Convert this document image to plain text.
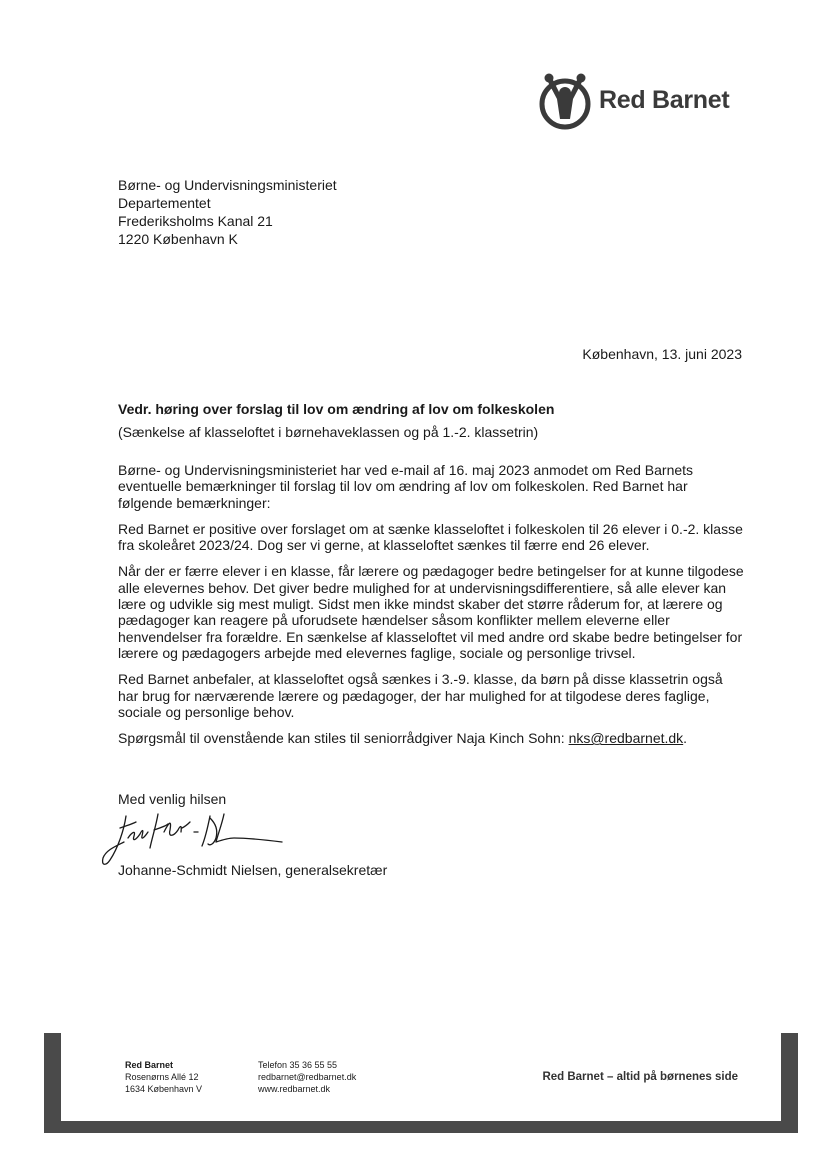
Red Barnet
Børne- og Undervisningsministeriet
Departementet
Frederiksholms Kanal 21
1220 København K
København, 13. juni 2023
Vedr. høring over forslag til lov om ændring af lov om folkeskolen
(Sænkelse af klasseloftet i børnehaveklassen og på 1.-2. klassetrin)

Børne- og Undervisningsministeriet har ved e-mail af 16. maj 2023 anmodet om Red Barnets eventuelle bemærkninger til forslag til lov om ændring af lov om folkeskolen. Red Barnet har følgende bemærkninger:

Red Barnet er positive over forslaget om at sænke klasseloftet i folkeskolen til 26 elever i 0.-2. klasse fra skoleåret 2023/24. Dog ser vi gerne, at klasseloftet sænkes til færre end 26 elever.

Når der er færre elever i en klasse, får lærere og pædagoger bedre betingelser for at kunne tilgodese alle elevernes behov. Det giver bedre mulighed for at undervisningsdifferentiere, så alle elever kan lære og udvikle sig mest muligt. Sidst men ikke mindst skaber det større råderum for, at lærere og pædagoger kan reagere på uforudsete hændelser såsom konflikter mellem eleverne eller henvendelser fra forældre. En sænkelse af klasseloftet vil med andre ord skabe bedre betingelser for lærere og pædagogers arbejde med elevernes faglige, sociale og personlige trivsel.

Red Barnet anbefaler, at klasseloftet også sænkes i 3.-9. klasse, da børn på disse klassetrin også har brug for nærværende lærere og pædagoger, der har mulighed for at tilgodese deres faglige, sociale og personlige behov.

Spørgsmål til ovenstående kan stiles til seniorrådgiver Naja Kinch Sohn: nks@redbarnet.dk.

Med venlig hilsen
Johanne-Schmidt Nielsen, generalsekretær
Red Barnet
Rosenørns Allé 12
1634 København V
Telefon 35 36 55 55
redbarnet@redbarnet.dk
www.redbarnet.dk
Red Barnet – altid på børnenes side
